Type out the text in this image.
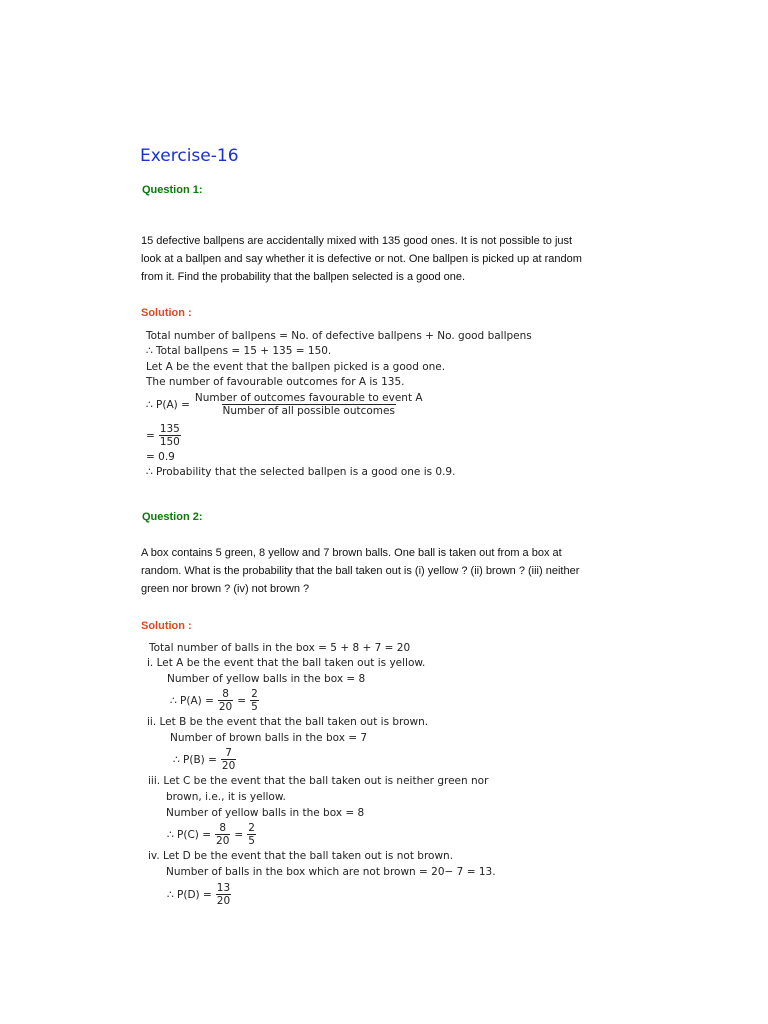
Exercise-16
Question 1:
15 defective ballpens are accidentally mixed with 135 good ones. It is not possible to just
look at a ballpen and say whether it is defective or not. One ballpen is picked up at random
from it. Find the probability that the ballpen selected is a good one.
Solution :
Total number of ballpens = No. of defective ballpens + No. good ballpens
∴ Total ballpens = 15 + 135 = 150.
Let A be the event that the ballpen picked is a good one.
The number of favourable outcomes for A is 135.
∴ $P(A) = \frac{\text{Number of outcomes favourable to event A}}{\text{Number of all possible outcomes}}$
= $\frac{135}{150}$
= 0.9
∴ Probability that the selected ballpen is a good one is 0.9.
Question 2:
A box contains 5 green, 8 yellow and 7 brown balls. One ball is taken out from a box at
random. What is the probability that the ball taken out is (i) yellow ? (ii) brown ? (iii) neither
green nor brown ? (iv) not brown ?
Solution :
Total number of balls in the box = 5 + 8 + 7 = 20
i. Let A be the event that the ball taken out is yellow.
Number of yellow balls in the box = 8
∴ $P(A) = \frac{8}{20} = \frac{2}{5}$
ii. Let B be the event that the ball taken out is brown.
Number of brown balls in the box = 7
∴ $P(B) = \frac{7}{20}$
iii. Let C be the event that the ball taken out is neither green nor
brown, i.e., it is yellow.
Number of yellow balls in the box = 8
∴ $P(C) = \frac{8}{20} = \frac{2}{5}$
iv. Let D be the event that the ball taken out is not brown.
Number of balls in the box which are not brown = 20− 7 = 13.
∴ $P(D) = \frac{13}{20}$
